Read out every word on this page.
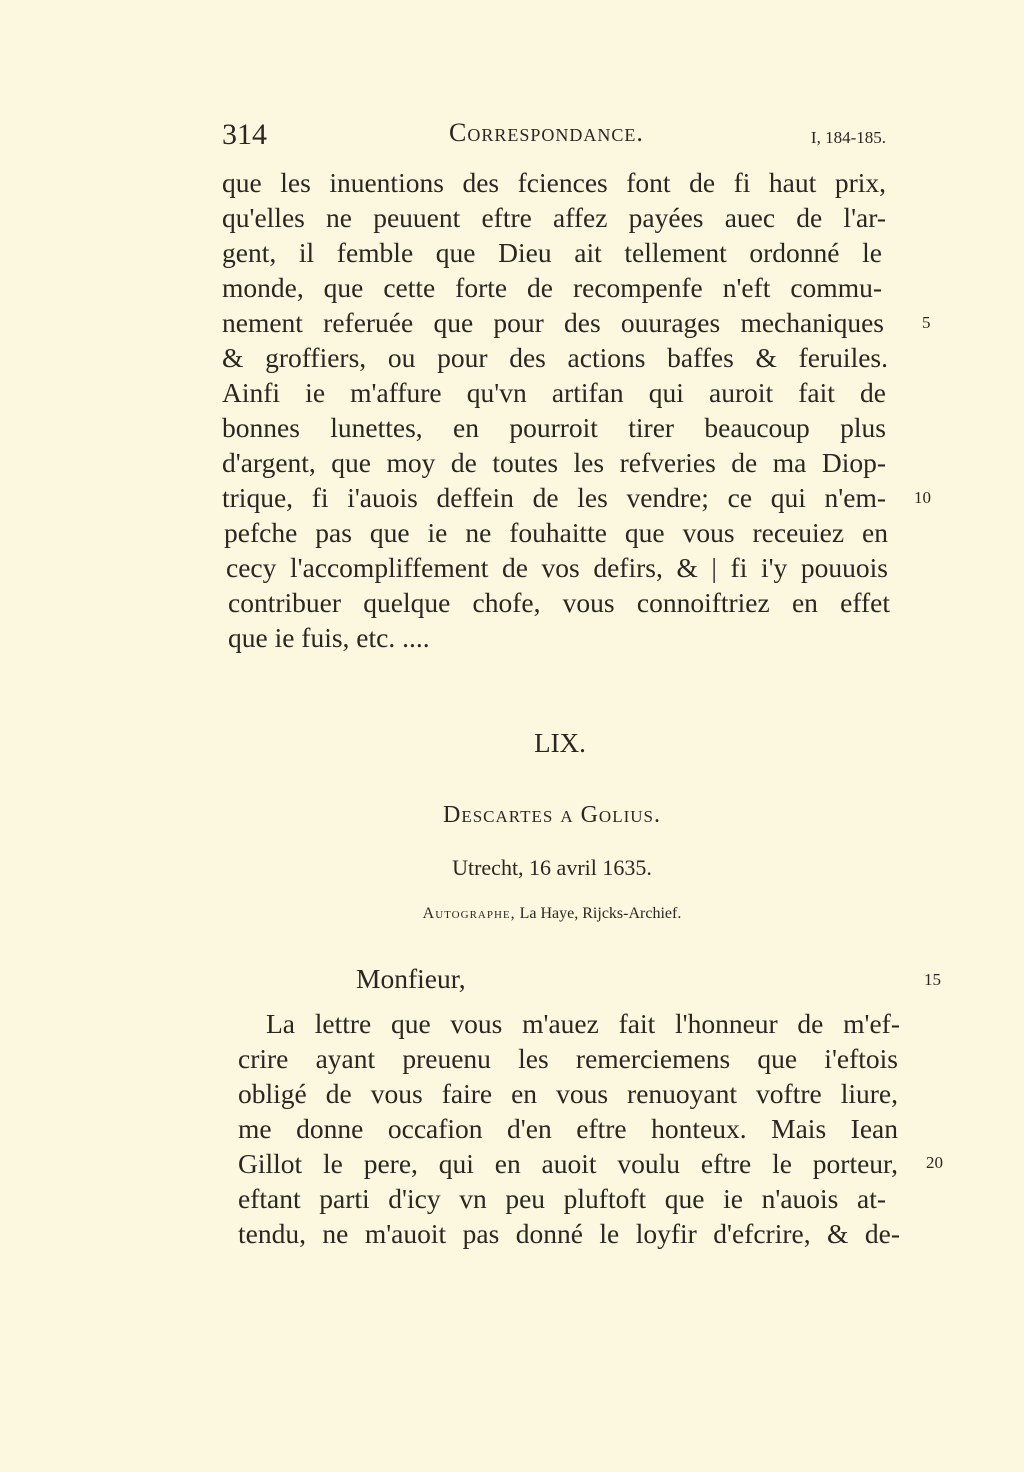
314	Correspondance.	I, 184-185.
que les inuentions des fciences font de fi haut prix,
qu'elles ne peuuent eftre affez payées auec de l'ar-
gent, il femble que Dieu ait tellement ordonné le
monde, que cette forte de recompenfe n'eft commu-
nement referuée que pour des ouurages mechaniques
& groffiers, ou pour des actions baffes & feruiles.
Ainfi ie m'affure qu'vn artifan qui auroit fait de
bonnes lunettes, en pourroit tirer beaucoup plus
d'argent, que moy de toutes les refveries de ma Diop-
trique, fi i'auois deffein de les vendre; ce qui n'em-
pefche pas que ie ne fouhaitte que vous receuiez en
cecy l'accompliffement de vos defirs, & | fi i'y pouuois
contribuer quelque chofe, vous connoiftriez en effet
que ie fuis, etc. ....
5
10
LIX.
Descartes a Golius.
Utrecht, 16 avril 1635.
Autographe, La Haye, Rijcks-Archief.
Monfieur,
La lettre que vous m'auez fait l'honneur de m'ef-
crire ayant preuenu les remerciemens que i'eftois
obligé de vous faire en vous renuoyant voftre liure,
me donne occafion d'en eftre honteux. Mais Iean
Gillot le pere, qui en auoit voulu eftre le porteur,
eftant parti d'icy vn peu pluftoft que ie n'auois at-
tendu, ne m'auoit pas donné le loyfir d'efcrire, & de-
15
20
